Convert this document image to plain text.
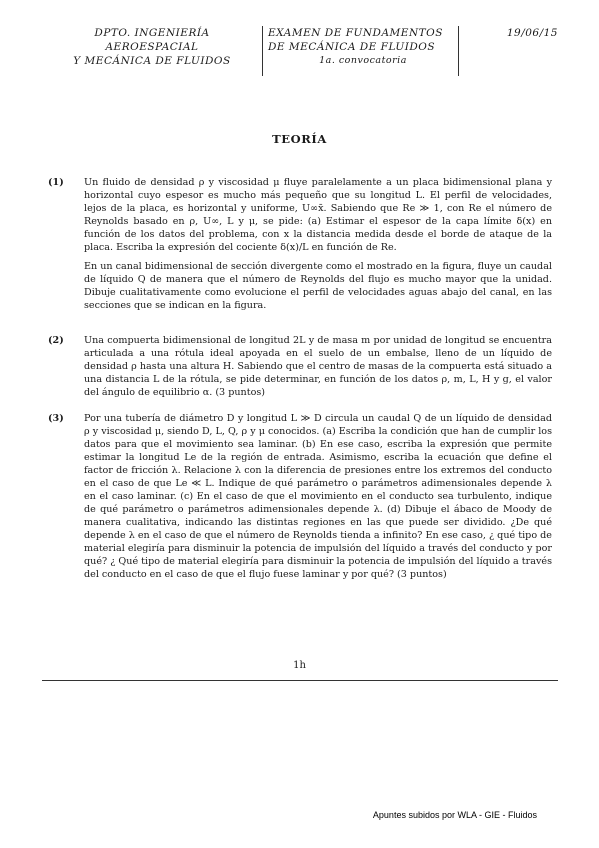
DPTO. INGENIERÍA AEROESPACIAL
Y MECÁNICA DE FLUIDOS
EXAMEN DE FUNDAMENTOS
DE MECÁNICA DE FLUIDOS
1a. convocatoria
19/06/15
TEORÍA
(1) Un fluido de densidad ρ y viscosidad μ fluye paralelamente a un placa bidimensional plana y horizontal cuyo espesor es mucho más pequeño que su longitud L. El perfil de velocidades, lejos de la placa, es horizontal y uniforme, U∞x̄. Sabiendo que Re ≫ 1, con Re el número de Reynolds basado en ρ, U∞, L y μ, se pide: (a) Estimar el espesor de la capa límite δ(x) en función de los datos del problema, con x la distancia medida desde el borde de ataque de la placa. Escriba la expresión del cociente δ(x)/L en función de Re.

En un canal bidimensional de sección divergente como el mostrado en la figura, fluye un caudal de líquido Q de manera que el número de Reynolds del flujo es mucho mayor que la unidad. Dibuje cualitativamente como evolucione el perfil de velocidades aguas abajo del canal, en las secciones que se indican en la figura.

(2) Una compuerta bidimensional de longitud 2L y de masa m por unidad de longitud se encuentra articulada a una rótula ideal apoyada en el suelo de un embalse, lleno de un líquido de densidad ρ hasta una altura H. Sabiendo que el centro de masas de la compuerta está situado a una distancia L de la rótula, se pide determinar, en función de los datos ρ, m, L, H y g, el valor del ángulo de equilibrio α. (3 puntos)

(3) Por una tubería de diámetro D y longitud L ≫ D circula un caudal Q de un líquido de densidad ρ y viscosidad μ, siendo D, L, Q, ρ y μ conocidos. (a) Escriba la condición que han de cumplir los datos para que el movimiento sea laminar. (b) En ese caso, escriba la expresión que permite estimar la longitud Le de la región de entrada. Asimismo, escriba la ecuación que define el factor de fricción λ. Relacione λ con la diferencia de presiones entre los extremos del conducto en el caso de que Le ≪ L. Indique de qué parámetro o parámetros adimensionales depende λ en el caso laminar. (c) En el caso de que el movimiento en el conducto sea turbulento, indique de qué parámetro o parámetros adimensionales depende λ. (d) Dibuje el ábaco de Moody de manera cualitativa, indicando las distintas regiones en las que puede ser dividido. ¿De qué depende λ en el caso de que el número de Reynolds tienda a infinito? En ese caso, ¿ qué tipo de material elegiría para disminuir la potencia de impulsión del líquido a través del conducto y por qué? ¿ Qué tipo de material elegiría para disminuir la potencia de impulsión del líquido a través del conducto en el caso de que el flujo fuese laminar y por qué? (3 puntos)

1h
Apuntes subidos por WLA - GIE - Fluidos
